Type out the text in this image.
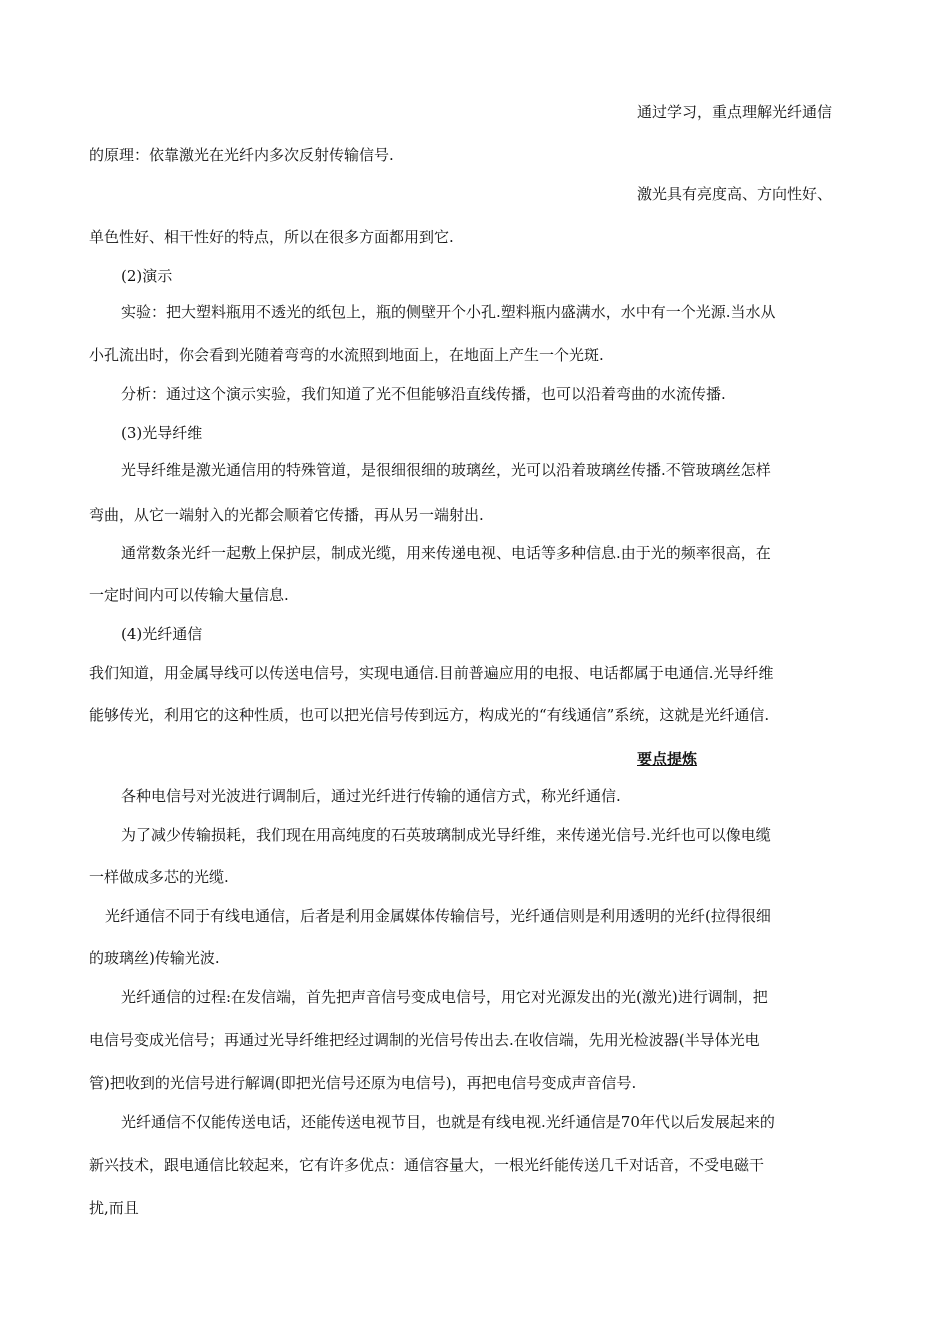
通过学习，重点理解光纤通信
的原理：依靠激光在光纤内多次反射传输信号.
激光具有亮度高、方向性好、
单色性好、相干性好的特点，所以在很多方面都用到它.
(2)演示
实验：把大塑料瓶用不透光的纸包上，瓶的侧壁开个小孔.塑料瓶内盛满水，水中有一个光源.当水从
小孔流出时，你会看到光随着弯弯的水流照到地面上，在地面上产生一个光斑.
分析：通过这个演示实验，我们知道了光不但能够沿直线传播，也可以沿着弯曲的水流传播.
(3)光导纤维
光导纤维是激光通信用的特殊管道，是很细很细的玻璃丝，光可以沿着玻璃丝传播.不管玻璃丝怎样
弯曲，从它一端射入的光都会顺着它传播，再从另一端射出.
通常数条光纤一起敷上保护层，制成光缆，用来传递电视、电话等多种信息.由于光的频率很高，在
一定时间内可以传输大量信息.
(4)光纤通信
我们知道，用金属导线可以传送电信号，实现电通信.目前普遍应用的电报、电话都属于电通信.光导纤维
能够传光，利用它的这种性质，也可以把光信号传到远方，构成光的“有线通信”系统，这就是光纤通信.
要点提炼
各种电信号对光波进行调制后，通过光纤进行传输的通信方式，称光纤通信.
为了减少传输损耗，我们现在用高纯度的石英玻璃制成光导纤维，来传递光信号.光纤也可以像电缆
一样做成多芯的光缆.
光纤通信不同于有线电通信，后者是利用金属媒体传输信号，光纤通信则是利用透明的光纤(拉得很细
的玻璃丝)传输光波.
光纤通信的过程:在发信端，首先把声音信号变成电信号，用它对光源发出的光(激光)进行调制，把
电信号变成光信号；再通过光导纤维把经过调制的光信号传出去.在收信端，先用光检波器(半导体光电
管)把收到的光信号进行解调(即把光信号还原为电信号)，再把电信号变成声音信号.
光纤通信不仅能传送电话，还能传送电视节目，也就是有线电视.光纤通信是70年代以后发展起来的
新兴技术，跟电通信比较起来，它有许多优点：通信容量大，一根光纤能传送几千对话音，不受电磁干
扰,而且
